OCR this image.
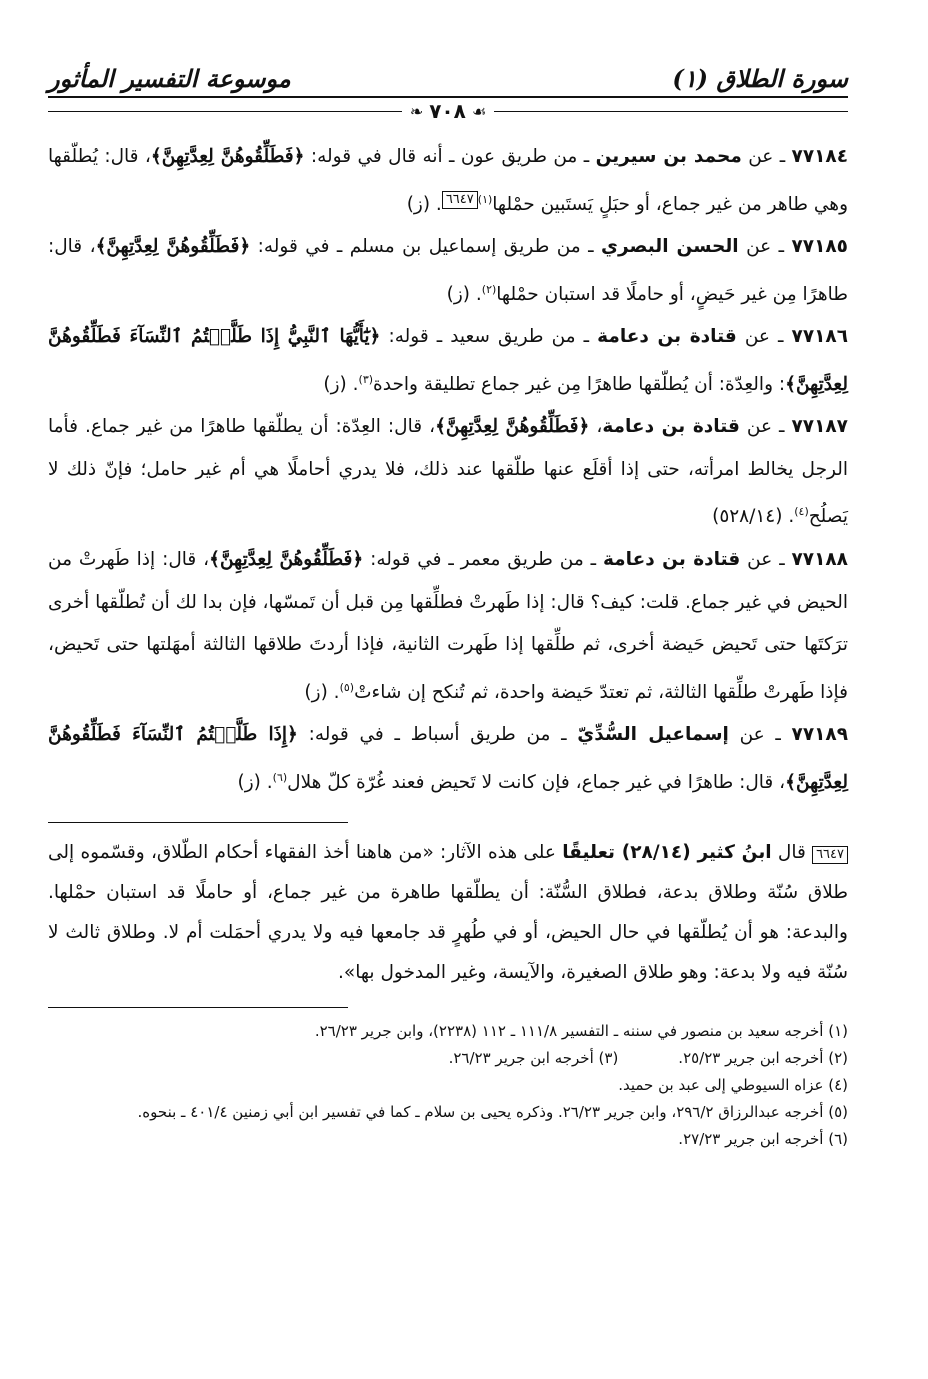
سورة الطلاق (١)
موسوعة التفسير المأثور
❧ ٧٠٨ ☙

٧٧١٨٤ ـ عن محمد بن سيرين ـ من طريق عون ـ أنه قال في قوله: ﴿فَطَلِّقُوهُنَّ لِعِدَّتِهِنَّ﴾، قال: يُطلّقها وهي طاهر من غير جماع، أو حبَلٍ يَستَبين حمْلها$^{(١)}$٦٦٤٧. (ز)

٧٧١٨٥ ـ عن الحسن البصري ـ من طريق إسماعيل بن مسلم ـ في قوله: ﴿فَطَلِّقُوهُنَّ لِعِدَّتِهِنَّ﴾، قال: طاهرًا مِن غير حَيضٍ، أو حاملًا قد استبان حمْلها$^{(٢)}$. (ز)

٧٧١٨٦ ـ عن قتادة بن دعامة ـ من طريق سعيد ـ قوله: ﴿يَٰٓأَيُّهَا ٱلنَّبِيُّ إِذَا طَلَّقۡتُمُ ٱلنِّسَآءَ فَطَلِّقُوهُنَّ لِعِدَّتِهِنَّ﴾: والعِدّة: أن يُطلّقها طاهرًا مِن غير جماع تطليقة واحدة$^{(٣)}$. (ز)

٧٧١٨٧ ـ عن قتادة بن دعامة، ﴿فَطَلِّقُوهُنَّ لِعِدَّتِهِنَّ﴾، قال: العِدّة: أن يطلّقها طاهرًا من غير جماع. فأما الرجل يخالط امرأته، حتى إذا أقلَع عنها طلّقها عند ذلك، فلا يدري أحاملًا هي أم غير حامل؛ فإنّ ذلك لا يَصلُح$^{(٤)}$. (٥٢٨/١٤)

٧٧١٨٨ ـ عن قتادة بن دعامة ـ من طريق معمر ـ في قوله: ﴿فَطَلِّقُوهُنَّ لِعِدَّتِهِنَّ﴾، قال: إذا طَهرتْ من الحيض في غير جماع. قلت: كيف؟ قال: إذا طَهرتْ فطلِّقها مِن قبل أن تَمسّها، فإن بدا لك أن تُطلّقها أخرى ترَكتَها حتى تَحيض حَيضة أخرى، ثم طلِّقها إذا طَهرت الثانية، فإذا أردتَ طلاقها الثالثة أمهَلتها حتى تَحيض، فإذا طَهرتْ طلِّقها الثالثة، ثم تعتدّ حَيضة واحدة، ثم تُنكح إن شاءتْ$^{(٥)}$. (ز)

٧٧١٨٩ ـ عن إسماعيل السُّدِّيّ ـ من طريق أسباط ـ في قوله: ﴿إِذَا طَلَّقۡتُمُ ٱلنِّسَآءَ فَطَلِّقُوهُنَّ لِعِدَّتِهِنَّ﴾، قال: طاهرًا في غير جماع، فإن كانت لا تَحيض فعند غُرّة كلّ هلال$^{(٦)}$. (ز)

٦٦٤٧ قال ابنُ كثير (٢٨/١٤) تعليقًا على هذه الآثار: «من هاهنا أخذ الفقهاء أحكام الطّلاق، وقسّموه إلى طلاق سُنّة وطلاق بدعة، فطلاق السُّنّة: أن يطلّقها طاهرة من غير جماع، أو حاملًا قد استبان حمْلها. والبدعة: هو أن يُطلّقها في حال الحيض، أو في طُهرٍ قد جامعها فيه ولا يدري أحمَلت أم لا. وطلاق ثالث لا سُنّة فيه ولا بدعة: وهو طلاق الصغيرة، والآيسة، وغير المدخول بها».

(١) أخرجه سعيد بن منصور في سننه ـ التفسير ١١١/٨ ـ ١١٢ (٢٢٣٨)، وابن جرير ٢٦/٢٣.

(٢) أخرجه ابن جرير ٢٥/٢٣.

(٣) أخرجه ابن جرير ٢٦/٢٣.

(٤) عزاه السيوطي إلى عبد بن حميد.

(٥) أخرجه عبدالرزاق ٢٩٦/٢، وابن جرير ٢٦/٢٣. وذكره يحيى بن سلام ـ كما في تفسير ابن أبي زمنين ٤٠١/٤ ـ بنحوه.

(٦) أخرجه ابن جرير ٢٧/٢٣.
